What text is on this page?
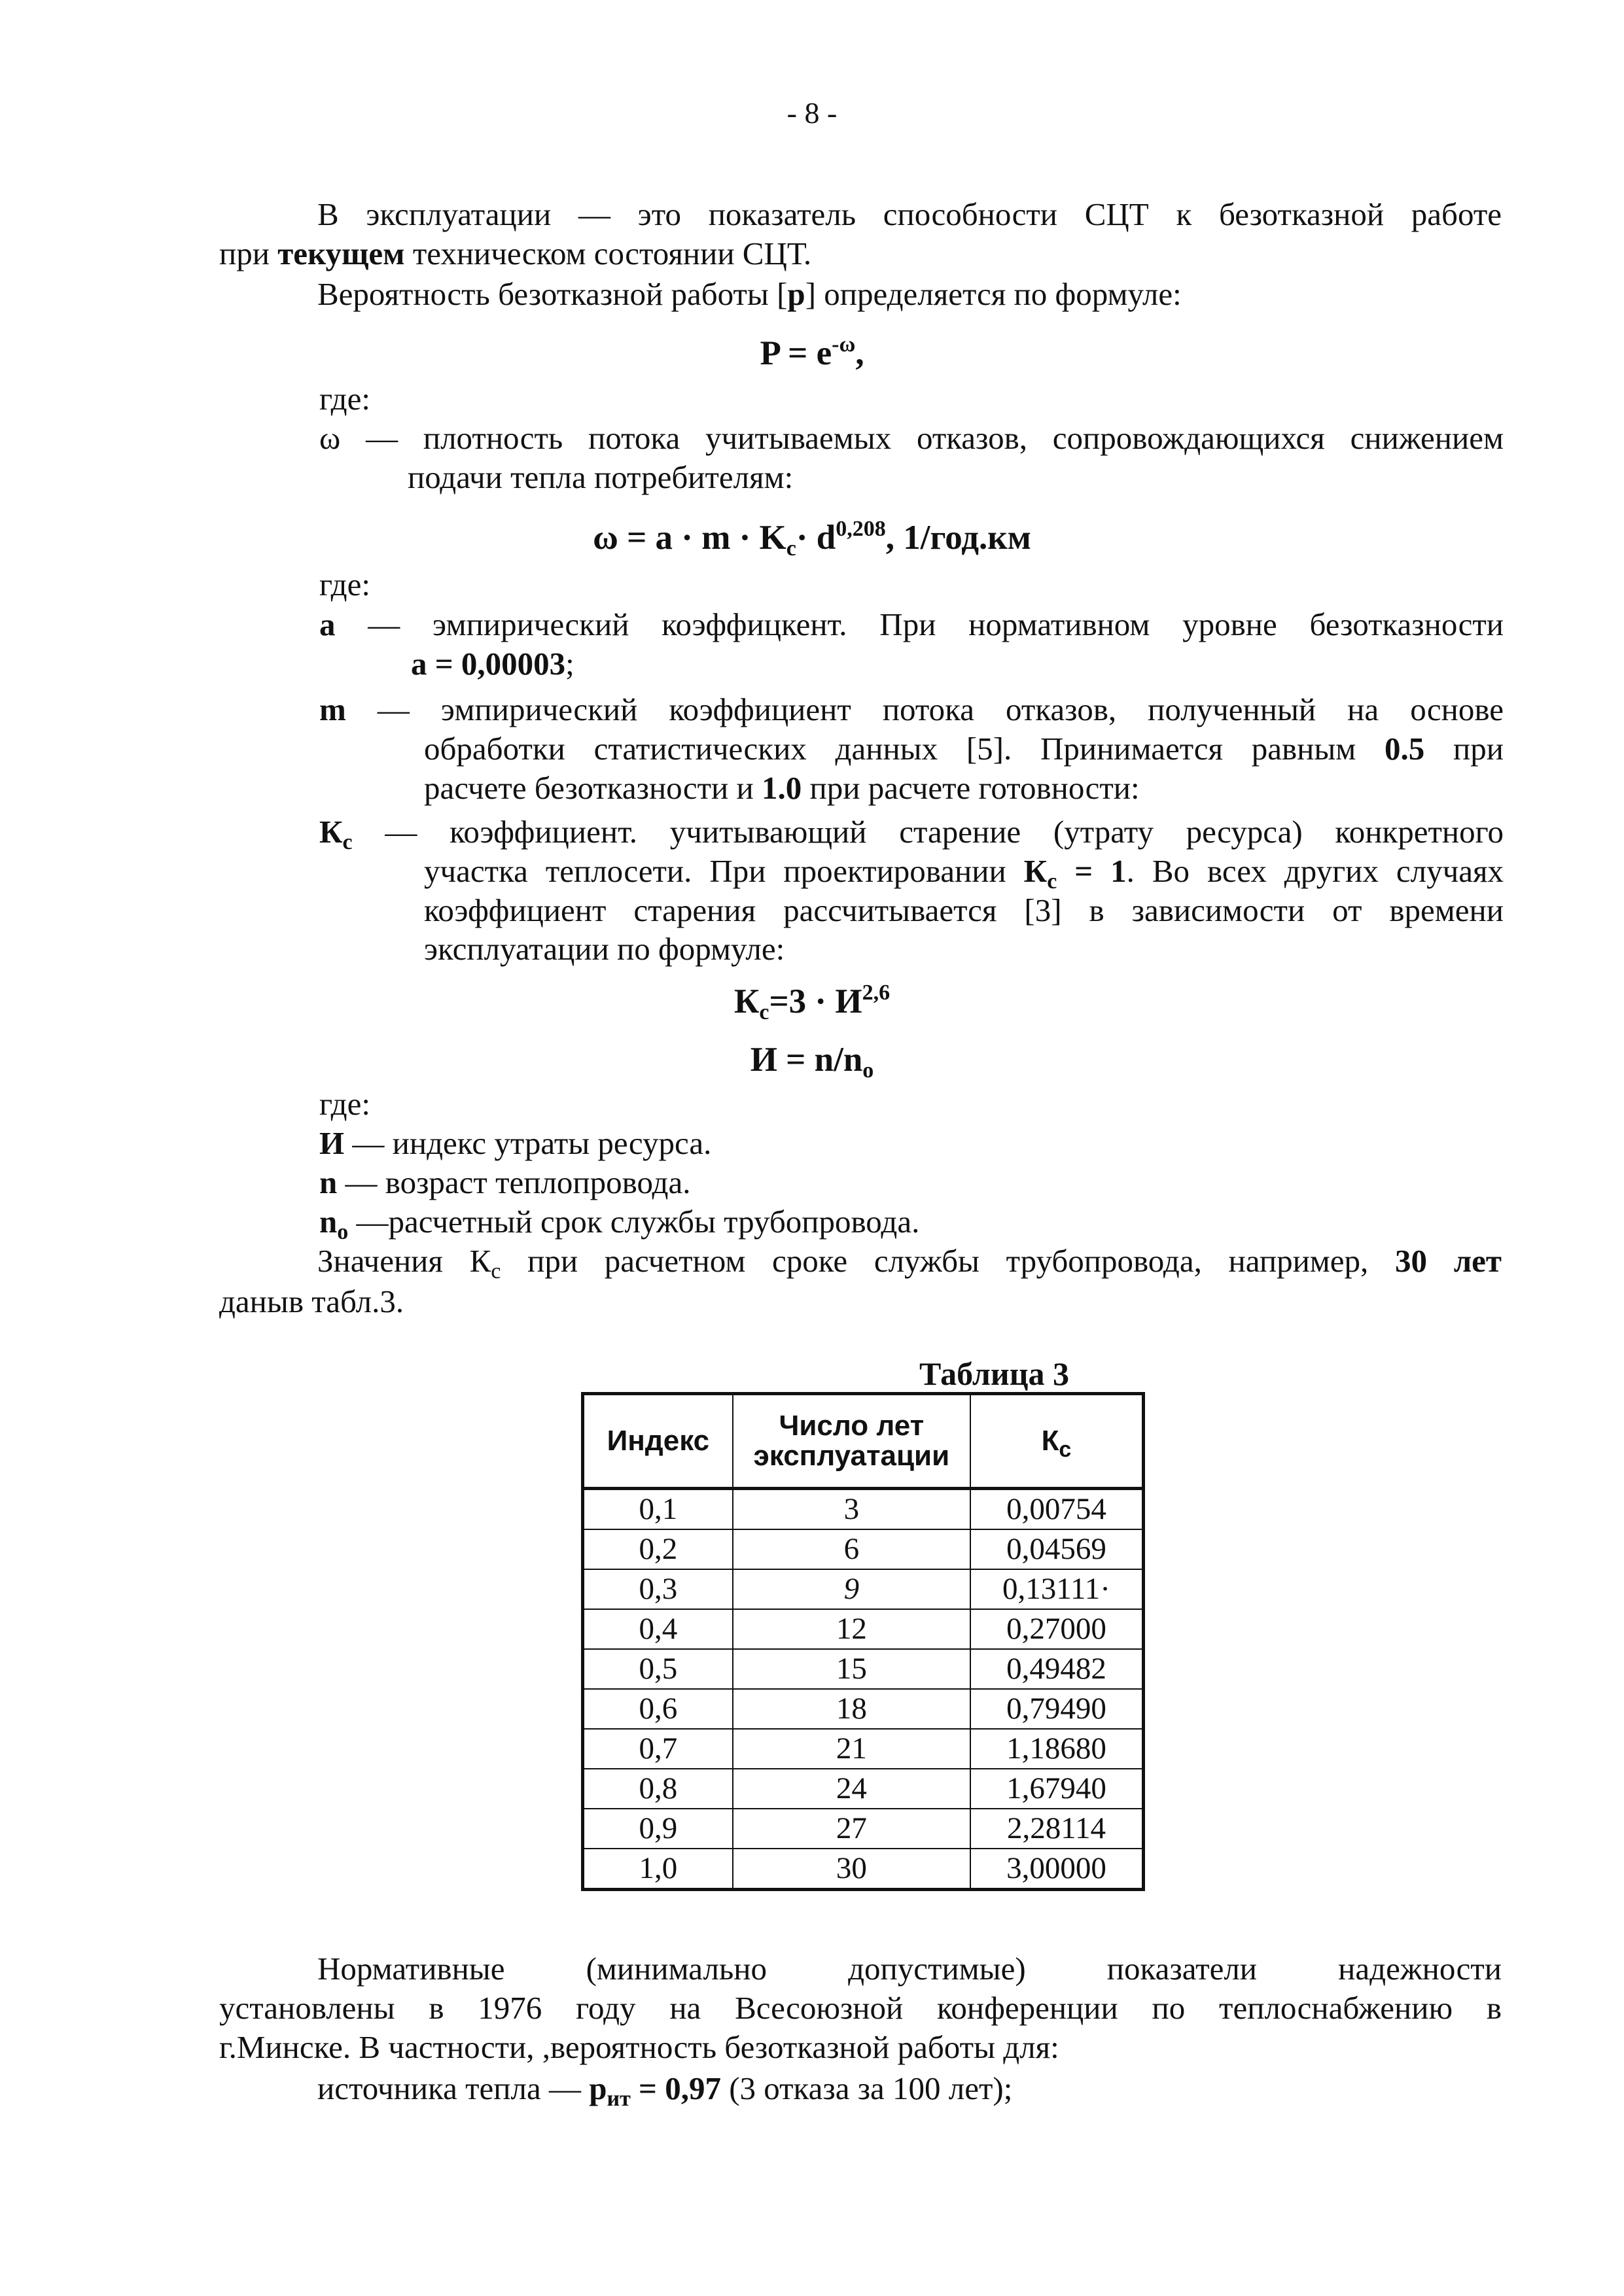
- 8 -
В эксплуатации — это показатель способности СЦТ к безотказной работе
при текущем техническом состоянии СЦТ.
Вероятность безотказной работы [р] определяется по формуле:
$P = e^{-\omega}$,
где:
ω — плотность потока учитываемых отказов, сопровождающихся снижением
подачи тепла потребителям:
$\omega = a \cdot m \cdot K_c\cdot d^{0,208}$, 1/год.км
где:
а — эмпирический коэффицкент. При нормативном уровне безотказности
а = 0,00003;
m — эмпирический коэффициент потока отказов, полученный на основе
обработки статистических данных [5]. Принимается равным 0.5 при
расчете безотказности и 1.0 при расчете готовности:
$К_с$ — коэффициент. учитывающий старение (утрату ресурса) конкретного
участка теплосети. При проектировании $К_с = 1$. Во всех других случаях
коэффициент старения рассчитывается [3] в зависимости от времени
эксплуатации по формуле:
$К_с=3 \cdot И^{2,6}$
$И = n/n_o$
где:
И — индекс утраты ресурса.
n — возраст теплопровода.
$n_o$ —расчетный срок службы трубопровода.
Значения $К_с$ при расчетном сроке службы трубопровода, например, 30 лет
даныв табл.3.
Таблица 3
Индекс	Число лет эксплуатации	$К_с$
0,1	3	0,00754
0,2	6	0,04569
0,3	9	0,13111·
0,4	12	0,27000
0,5	15	0,49482
0,6	18	0,79490
0,7	21	1,18680
0,8	24	1,67940
0,9	27	2,28114
1,0	30	3,00000
Нормативные (минимально допустимые) показатели надежности
установлены в 1976 году на Всесоюзной конференции по теплоснабжению в
г.Минске. В частности, ,вероятность безотказной работы для:
источника тепла — $р_{ит} = 0,97$ (3 отказа за 100 лет);
